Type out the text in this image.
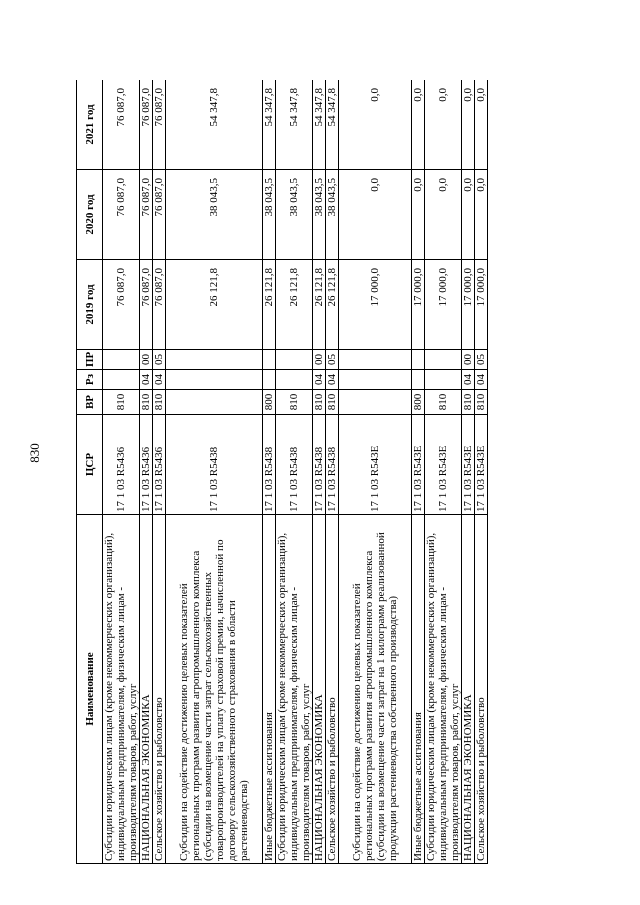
830
Наименование	ЦСР	ВР	Рз	ПР	2019 год	2020 год	2021 год
Субсидии юридическим лицам (кроме некоммерческих организаций), индивидуальным предпринимателям, физическим лицам - производителям товаров, работ, услуг	17 1 03 R5436	810			76 087,0	76 087,0	76 087,0
НАЦИОНАЛЬНАЯ ЭКОНОМИКА	17 1 03 R5436	810	04	00	76 087,0	76 087,0	76 087,0
Сельское хозяйство и рыболовство	17 1 03 R5436	810	04	05	76 087,0	76 087,0	76 087,0
Субсидии на содействие достижению целевых показателей региональных программ развития агропромышленного комплекса (субсидии на возмещение части затрат сельскохозяйственных товаропроизводителей на уплату страховой премии, начисленной по договору сельскохозяйственного страхования в области растениеводства)	17 1 03 R5438				26 121,8	38 043,5	54 347,8
Иные бюджетные ассигнования	17 1 03 R5438	800			26 121,8	38 043,5	54 347,8
Субсидии юридическим лицам (кроме некоммерческих организаций), индивидуальным предпринимателям, физическим лицам - производителям товаров, работ, услуг	17 1 03 R5438	810			26 121,8	38 043,5	54 347,8
НАЦИОНАЛЬНАЯ ЭКОНОМИКА	17 1 03 R5438	810	04	00	26 121,8	38 043,5	54 347,8
Сельское хозяйство и рыболовство	17 1 03 R5438	810	04	05	26 121,8	38 043,5	54 347,8
Субсидии на содействие достижению целевых показателей региональных программ развития агропромышленного комплекса (субсидии на возмещение части затрат на 1 килограмм реализованной продукции растениеводства собственного производства)	17 1 03 R543E				17 000,0	0,0	0,0
Иные бюджетные ассигнования	17 1 03 R543E	800			17 000,0	0,0	0,0
Субсидии юридическим лицам (кроме некоммерческих организаций), индивидуальным предпринимателям, физическим лицам - производителям товаров, работ, услуг	17 1 03 R543E	810			17 000,0	0,0	0,0
НАЦИОНАЛЬНАЯ ЭКОНОМИКА	17 1 03 R543E	810	04	00	17 000,0	0,0	0,0
Сельское хозяйство и рыболовство	17 1 03 R543E	810	04	05	17 000,0	0,0	0,0
